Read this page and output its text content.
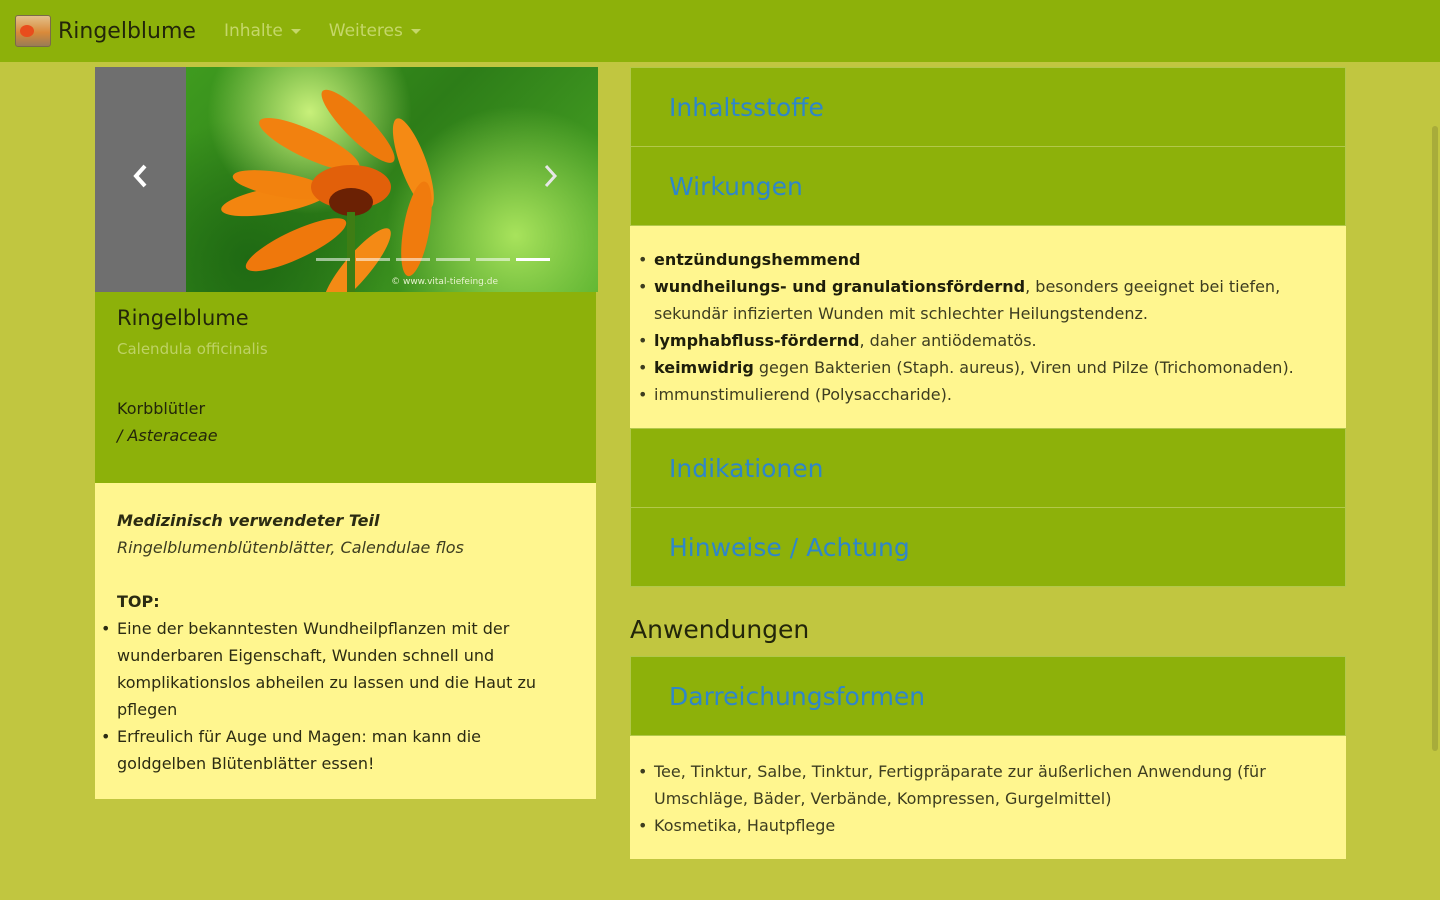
Ringelblume Inhalte	Weiteres
© www.vital-tiefeing.de
Ringelblume
Calendula officinalis
Korbblütler
/ Asteraceae
Medizinisch verwendeter Teil
Ringelblumenblütenblätter, Calendulae flos
TOP:
• Eine der bekanntesten Wundheilpflanzen mit der wunderbaren Eigenschaft, Wunden schnell und komplikationslos abheilen zu lassen und die Haut zu pflegen
• Erfreulich für Auge und Magen: man kann die goldgelben Blütenblätter essen!
Inhaltsstoffe
Wirkungen
• entzündungshemmend
• wundheilungs- und granulationsfördernd, besonders geeignet bei tiefen, sekundär infizierten Wunden mit schlechter Heilungstendenz.
• lymphabfluss-fördernd, daher antiödematös.
• keimwidrig gegen Bakterien (Staph. aureus), Viren und Pilze (Trichomonaden).
• immunstimulierend (Polysaccharide).
Indikationen
Hinweise / Achtung
Anwendungen
Darreichungsformen
• Tee, Tinktur, Salbe, Tinktur, Fertigpräparate zur äußerlichen Anwendung (für Umschläge, Bäder, Verbände, Kompressen, Gurgelmittel)
• Kosmetika, Hautpflege
